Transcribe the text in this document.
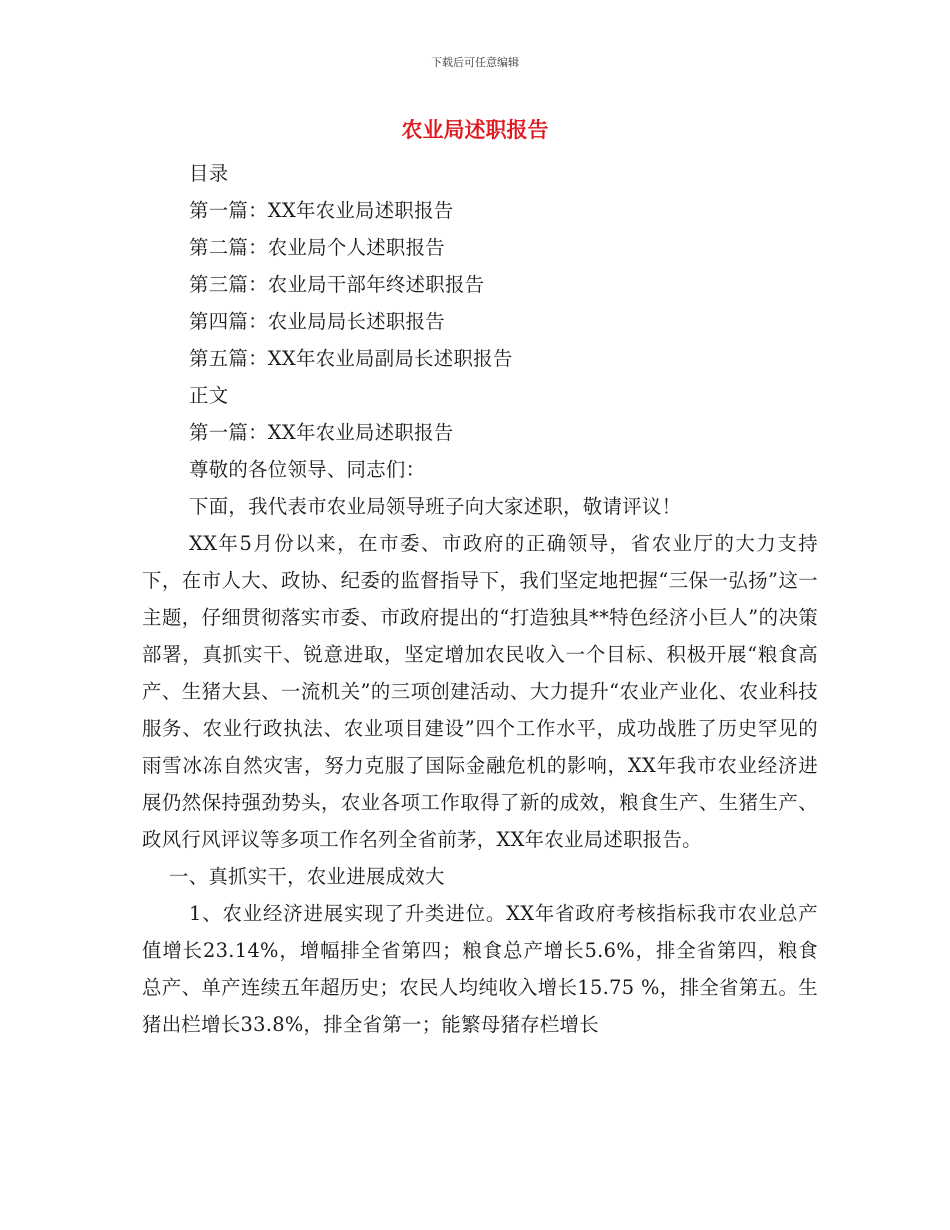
下载后可任意编辑
农业局述职报告
目录
第一篇：XX年农业局述职报告
第二篇：农业局个人述职报告
第三篇：农业局干部年终述职报告
第四篇：农业局局长述职报告
第五篇：XX年农业局副局长述职报告
正文
第一篇：XX年农业局述职报告
尊敬的各位领导、同志们：
下面，我代表市农业局领导班子向大家述职，敬请评议！
XX年5月份以来，在市委、市政府的正确领导，省农业厅的大力支持下，在市人大、政协、纪委的监督指导下，我们坚定地把握“三保一弘扬”这一主题，仔细贯彻落实市委、市政府提出的“打造独具**特色经济小巨人”的决策部署，真抓实干、锐意进取，坚定增加农民收入一个目标、积极开展“粮食高产、生猪大县、一流机关”的三项创建活动、大力提升“农业产业化、农业科技服务、农业行政执法、农业项目建设”四个工作水平，成功战胜了历史罕见的雨雪冰冻自然灾害，努力克服了国际金融危机的影响，XX年我市农业经济进展仍然保持强劲势头，农业各项工作取得了新的成效，粮食生产、生猪生产、政风行风评议等多项工作名列全省前茅，XX年农业局述职报告。
一、真抓实干，农业进展成效大
1、农业经济进展实现了升类进位。XX年省政府考核指标我市农业总产值增长23.14%，增幅排全省第四；粮食总产增长5.6%，排全省第四，粮食总产、单产连续五年超历史；农民人均纯收入增长15.75 %，排全省第五。生猪出栏增长33.8%，排全省第一；能繁母猪存栏增长
